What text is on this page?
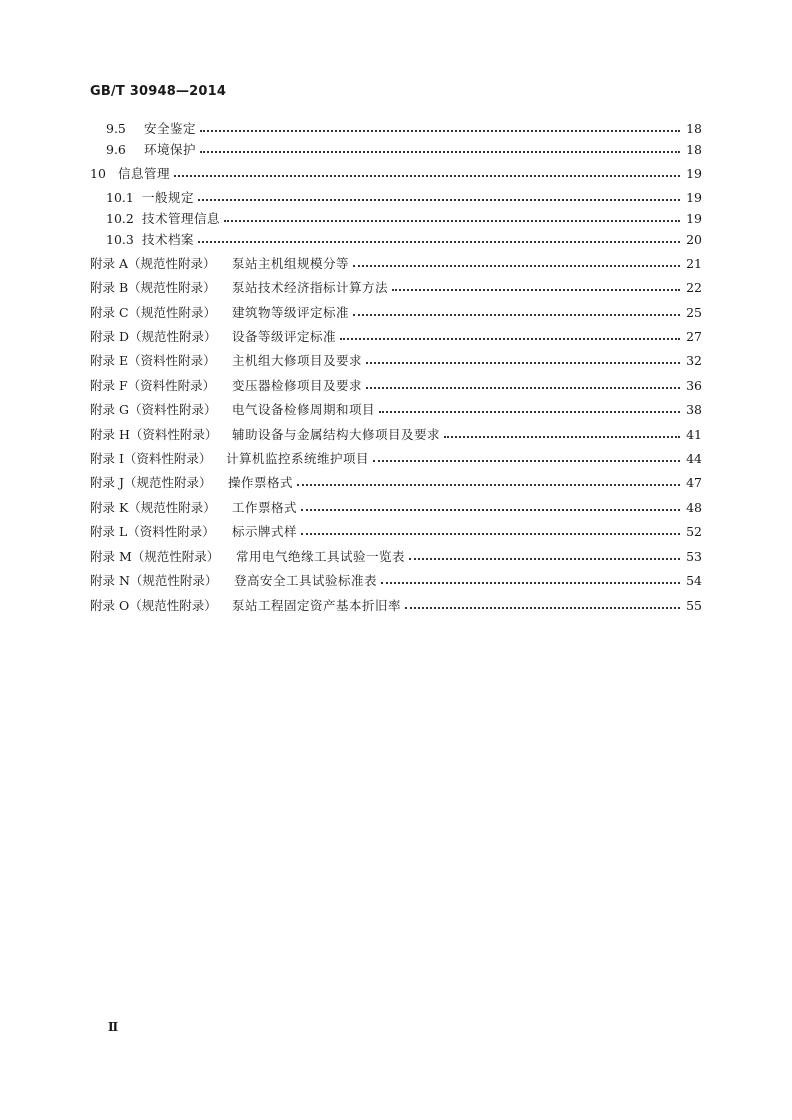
GB/T 30948—2014
9.5	安全鉴定	18
9.6	环境保护	18
10 信息管理	19
10.1 一般规定	19
10.2 技术管理信息	19
10.3 技术档案	20
附录 A（规范性附录）	泵站主机组规模分等	21
附录 B（规范性附录）	泵站技术经济指标计算方法	22
附录 C（规范性附录）	建筑物等级评定标准	25
附录 D（规范性附录）	设备等级评定标准	27
附录 E（资料性附录）	主机组大修项目及要求	32
附录 F（资料性附录）	变压器检修项目及要求	36
附录 G（资料性附录）	电气设备检修周期和项目	38
附录 H（资料性附录）	辅助设备与金属结构大修项目及要求	41
附录 I（资料性附录）	计算机监控系统维护项目	44
附录 J（规范性附录）	操作票格式	47
附录 K（规范性附录）	工作票格式	48
附录 L（资料性附录）	标示牌式样	52
附录 M（规范性附录）	常用电气绝缘工具试验一览表	53
附录 N（规范性附录）	登高安全工具试验标准表	54
附录 O（规范性附录）	泵站工程固定资产基本折旧率	55
Ⅱ
